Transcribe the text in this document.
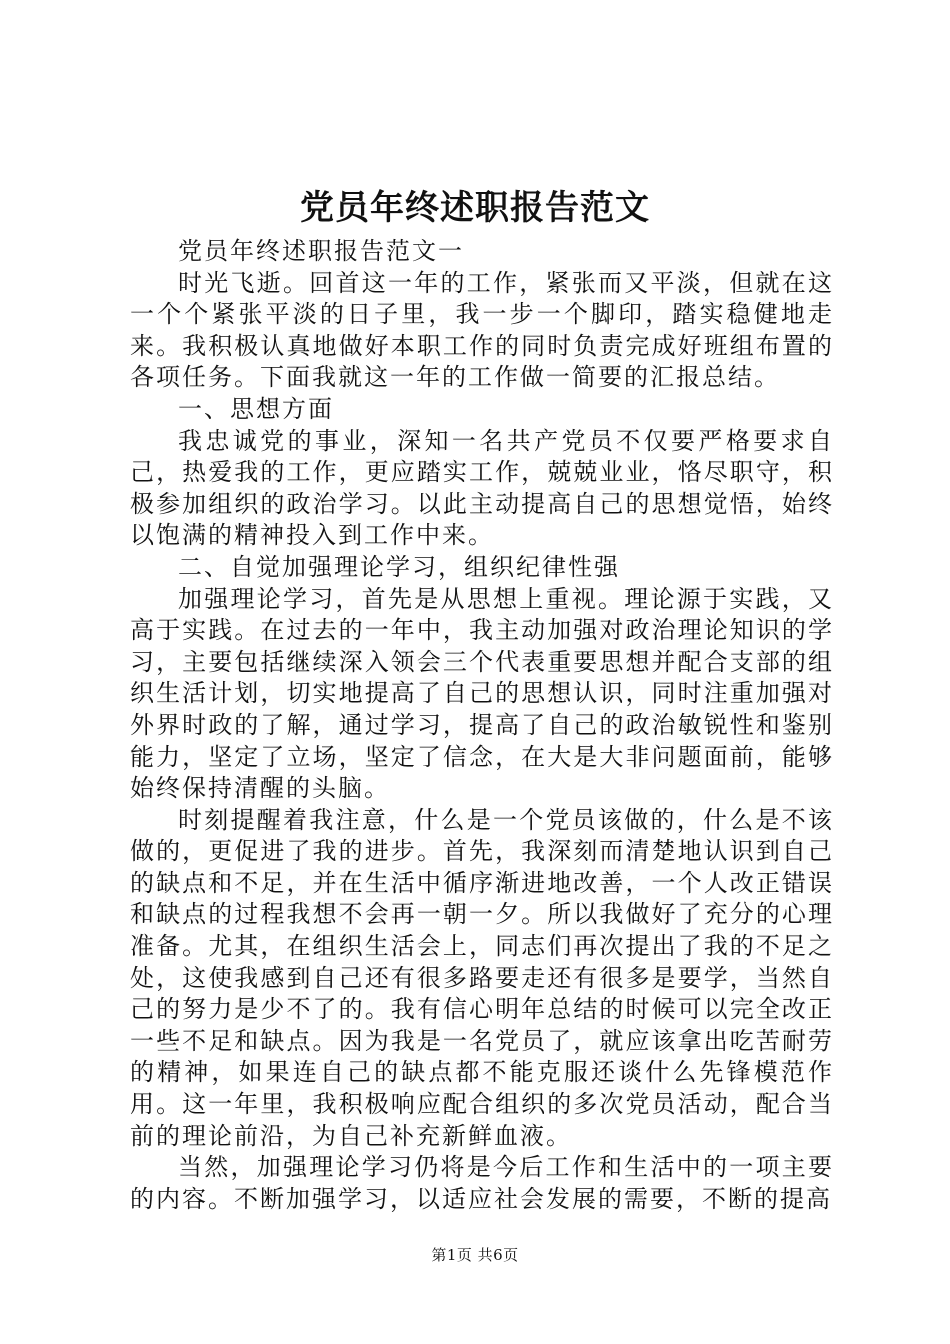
党员年终述职报告范文

党员年终述职报告范文一

时光飞逝。回首这一年的工作，紧张而又平淡，但就在这一个个紧张平淡的日子里，我一步一个脚印，踏实稳健地走来。我积极认真地做好本职工作的同时负责完成好班组布置的各项任务。下面我就这一年的工作做一简要的汇报总结。

一、思想方面

我忠诚党的事业，深知一名共产党员不仅要严格要求自己，热爱我的工作，更应踏实工作，兢兢业业，恪尽职守，积极参加组织的政治学习。以此主动提高自己的思想觉悟，始终以饱满的精神投入到工作中来。

二、自觉加强理论学习，组织纪律性强

加强理论学习，首先是从思想上重视。理论源于实践，又高于实践。在过去的一年中，我主动加强对政治理论知识的学习，主要包括继续深入领会三个代表重要思想并配合支部的组织生活计划，切实地提高了自己的思想认识，同时注重加强对外界时政的了解，通过学习，提高了自己的政治敏锐性和鉴别能力，坚定了立场，坚定了信念，在大是大非问题面前，能够始终保持清醒的头脑。

时刻提醒着我注意，什么是一个党员该做的，什么是不该做的，更促进了我的进步。首先，我深刻而清楚地认识到自己的缺点和不足，并在生活中循序渐进地改善，一个人改正错误和缺点的过程我想不会再一朝一夕。所以我做好了充分的心理准备。尤其，在组织生活会上，同志们再次提出了我的不足之处，这使我感到自己还有很多路要走还有很多是要学，当然自己的努力是少不了的。我有信心明年总结的时候可以完全改正一些不足和缺点。因为我是一名党员了，就应该拿出吃苦耐劳的精神，如果连自己的缺点都不能克服还谈什么先锋模范作用。这一年里，我积极响应配合组织的多次党员活动，配合当前的理论前沿，为自己补充新鲜血液。

当然，加强理论学习仍将是今后工作和生活中的一项主要的内容。不断加强学习，以适应社会发展的需要，不断的提高

第1页 共6页
